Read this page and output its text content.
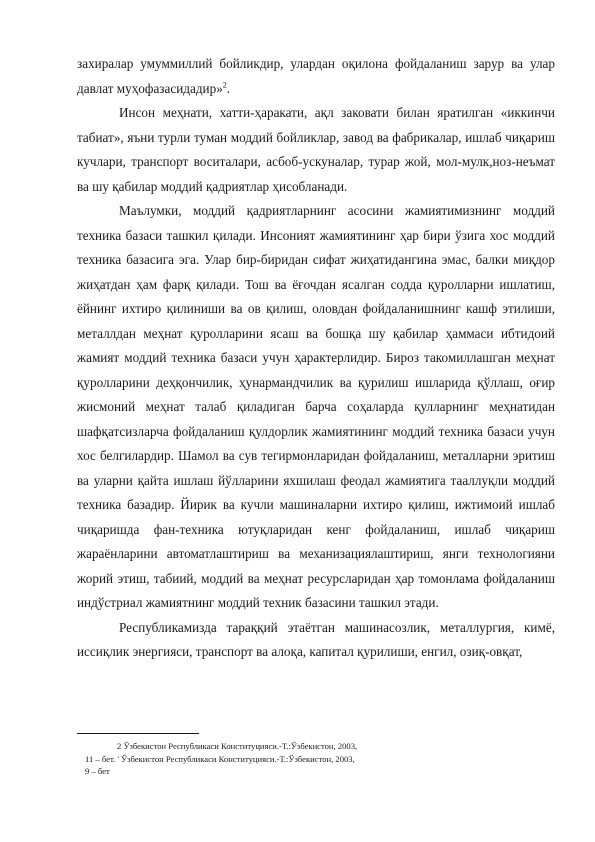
захиралар умуммиллий бойликдир, улардан оқилона фойдаланиш зарур ва улар давлат муҳофазасидадир»$^2$.

Инсон меҳнати, хатти-ҳаракати, ақл заковати билан яратилган «иккинчи табиат», яъни турли туман моддий бойликлар, завод ва фабрикалар, ишлаб чиқариш кучлари, транспорт воситалари, асбоб-ускуналар, турар жой, мол-мулк,ноз-неъмат ва шу қабилар моддий қадриятлар ҳисобланади.

Маълумки, моддий қадриятларнинг асосини жамиятимизнинг моддий техника базаси ташкил қилади. Инсоният жамиятининг ҳар бири ўзига хос моддий техника базасига эга. Улар бир-биридан сифат жиҳатидангина эмас, балки миқдор жиҳатдан ҳам фарқ қилади. Тош ва ёғочдан ясалган содда қуролларни ишлатиш, ёйнинг ихтиро қилиниши ва ов қилиш, оловдан фойдаланишнинг кашф этилиши, металлдан меҳнат қуролларини ясаш ва бошқа шу қабилар ҳаммаси ибтидоий жамият моддий техника базаси учун ҳарактерлидир. Бироз такомиллашган меҳнат қуролларини деҳқончилик, ҳунармандчилик ва қурилиш ишларида қўллаш, оғир жисмоний меҳнат талаб қиладиган барча соҳаларда қулларнинг меҳнатидан шафқатсизларча фойдаланиш қулдорлик жамиятининг моддий техника базаси учун хос белгилардир. Шамол ва сув тегирмонларидан фойдаланиш, металларни эритиш ва уларни қайта ишлаш йўлларини яхшилаш феодал жамиятига тааллуқли моддий техника базадир. Йирик ва кучли машиналарни ихтиро қилиш, ижтимоий ишлаб чиқаришда фан-техника ютуқларидан кенг фойдаланиш, ишлаб чиқариш жараёнларини автоматлаштириш ва механизациялаштириш, янги технологияни жорий этиш, табиий, моддий ва меҳнат ресурсларидан ҳар томонлама фойдаланиш индўстриал жамиятнинг моддий техник базасини ташкил этади.

Республикамизда тараққий этаётган машинасозлик, металлургия, кимё, иссиқлик энергияси, транспорт ва алоқа, капитал қурилиши, енгил, озиқ-овқат,

2 Ўзбекистон Республикаси Конституцияси.-Т.:Ўзбекистон, 2003,
11 – бет. ' Ўзбекистон Республикаси Конституцияси.-Т.:Ўзбекистон, 2003,
9 – бет
